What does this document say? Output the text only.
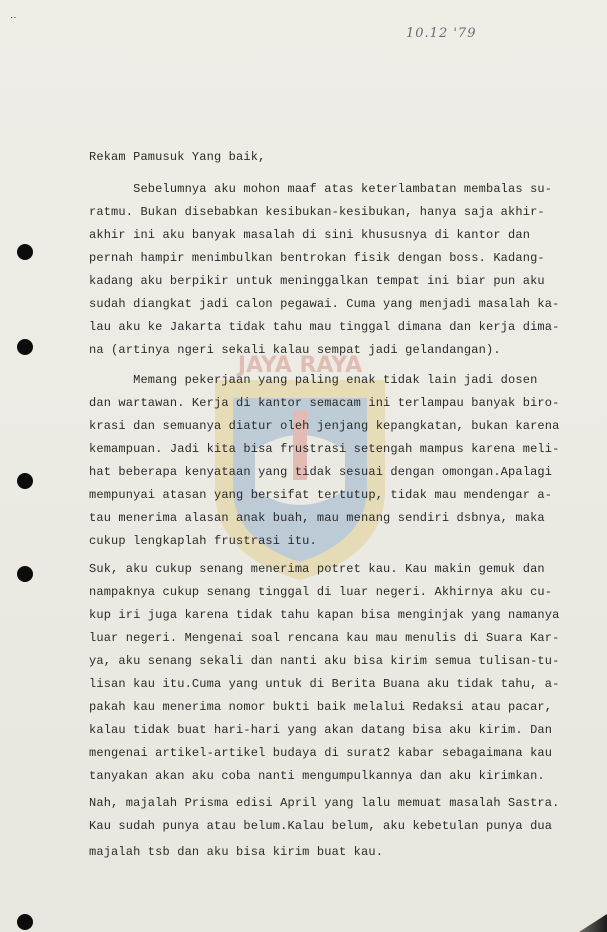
‥
JAYA RAYA
10.12 '79
Rekam Pamusuk Yang baik,
Sebelumnya aku mohon maaf atas keterlambatan membalas su-
ratmu. Bukan disebabkan kesibukan-kesibukan, hanya saja akhir-
akhir ini aku banyak masalah di sini khususnya di kantor dan
pernah hampir menimbulkan bentrokan fisik dengan boss. Kadang-
kadang aku berpikir untuk meninggalkan tempat ini biar pun aku
sudah diangkat jadi calon pegawai. Cuma yang menjadi masalah ka-
lau aku ke Jakarta tidak tahu mau tinggal dimana dan kerja dima-
na (artinya ngeri sekali kalau sempat jadi gelandangan).
Memang pekerjaan yang paling enak tidak lain jadi dosen
dan wartawan. Kerja di kantor semacam ini terlampau banyak biro-
krasi dan semuanya diatur oleh jenjang kepangkatan, bukan karena
kemampuan. Jadi kita bisa frustrasi setengah mampus karena meli-
hat beberapa kenyataan yang tidak sesuai dengan omongan.Apalagi
mempunyai atasan yang bersifat tertutup, tidak mau mendengar a-
tau menerima alasan anak buah, mau menang sendiri dsbnya, maka
cukup lengkaplah frustrasi itu.
Suk, aku cukup senang menerima potret kau. Kau makin gemuk dan
nampaknya cukup senang tinggal di luar negeri. Akhirnya aku cu-
kup iri juga karena tidak tahu kapan bisa menginjak yang namanya
luar negeri. Mengenai soal rencana kau mau menulis di Suara Kar-
ya, aku senang sekali dan nanti aku bisa kirim semua tulisan-tu-
lisan kau itu.Cuma yang untuk di Berita Buana aku tidak tahu, a-
pakah kau menerima nomor bukti baik melalui Redaksi atau pacar,
kalau tidak buat hari-hari yang akan datang bisa aku kirim. Dan
mengenai artikel-artikel budaya di surat2 kabar sebagaimana kau
tanyakan akan aku coba nanti mengumpulkannya dan aku kirimkan.
Nah, majalah Prisma edisi April yang lalu memuat masalah Sastra.
Kau sudah punya atau belum.Kalau belum, aku kebetulan punya dua
majalah tsb dan aku bisa kirim buat kau.
